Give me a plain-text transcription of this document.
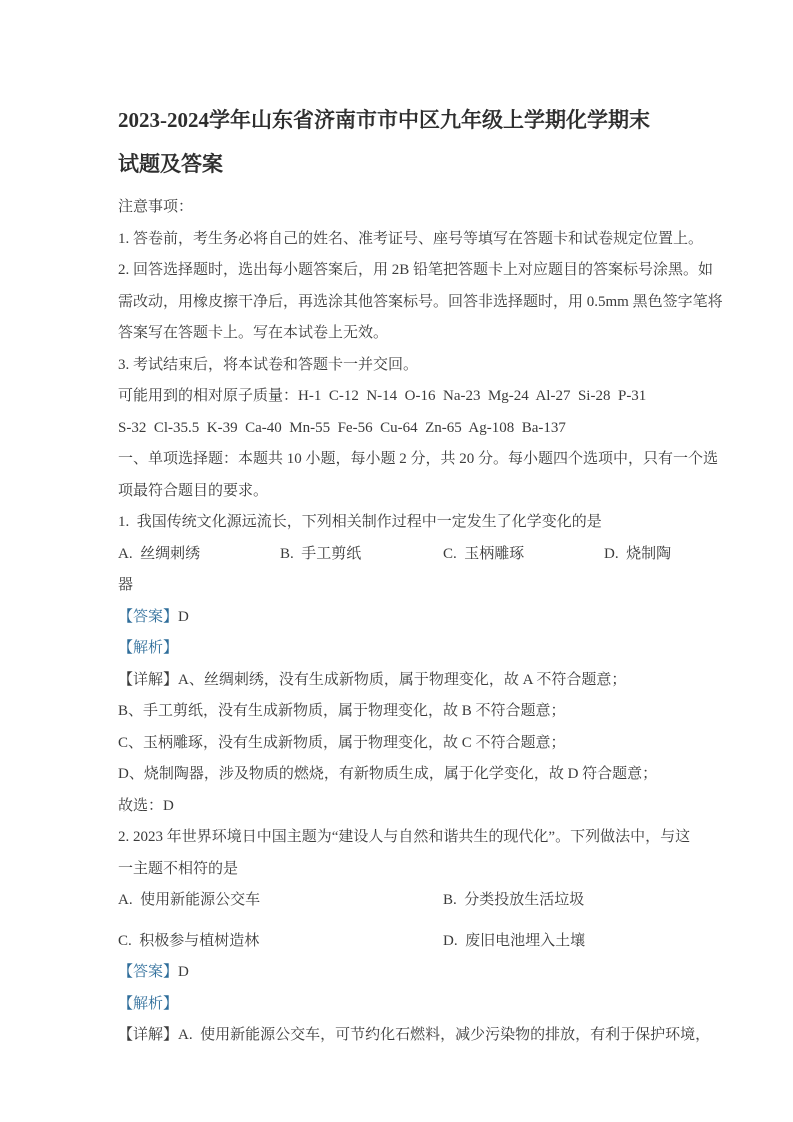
2023-2024学年山东省济南市市中区九年级上学期化学期末

试题及答案

注意事项：

1. 答卷前，考生务必将自己的姓名、准考证号、座号等填写在答题卡和试卷规定位置上。

2. 回答选择题时，选出每小题答案后，用 2B 铅笔把答题卡上对应题目的答案标号涂黑。如

需改动，用橡皮擦干净后，再选涂其他答案标号。回答非选择题时，用 0.5mm 黑色签字笔将

答案写在答题卡上。写在本试卷上无效。

3. 考试结束后，将本试卷和答题卡一并交回。

可能用到的相对原子质量：H-1  C-12  N-14  O-16  Na-23  Mg-24  Al-27  Si-28  P-31

S-32  Cl-35.5  K-39  Ca-40  Mn-55  Fe-56  Cu-64  Zn-65  Ag-108  Ba-137

一、单项选择题：本题共 10 小题，每小题 2 分，共 20 分。每小题四个选项中，只有一个选

项最符合题目的要求。

1.  我国传统文化源远流长，下列相关制作过程中一定发生了化学变化的是

A.  丝绸刺绣	B.  手工剪纸	C.  玉柄雕琢	D.  烧制陶

器

【答案】D

【解析】

【详解】A、丝绸刺绣，没有生成新物质，属于物理变化，故 A 不符合题意；

B、手工剪纸，没有生成新物质，属于物理变化，故 B 不符合题意；

C、玉柄雕琢，没有生成新物质，属于物理变化，故 C 不符合题意；

D、烧制陶器，涉及物质的燃烧，有新物质生成，属于化学变化，故 D 符合题意；

故选：D

2. 2023 年世界环境日中国主题为“建设人与自然和谐共生的现代化”。下列做法中，与这

一主题不相符的是

A.  使用新能源公交车	B.  分类投放生活垃圾
C.  积极参与植树造林	D.  废旧电池埋入土壤

【答案】D

【解析】

【详解】A.  使用新能源公交车，可节约化石燃料，减少污染物的排放，有利于保护环境，
